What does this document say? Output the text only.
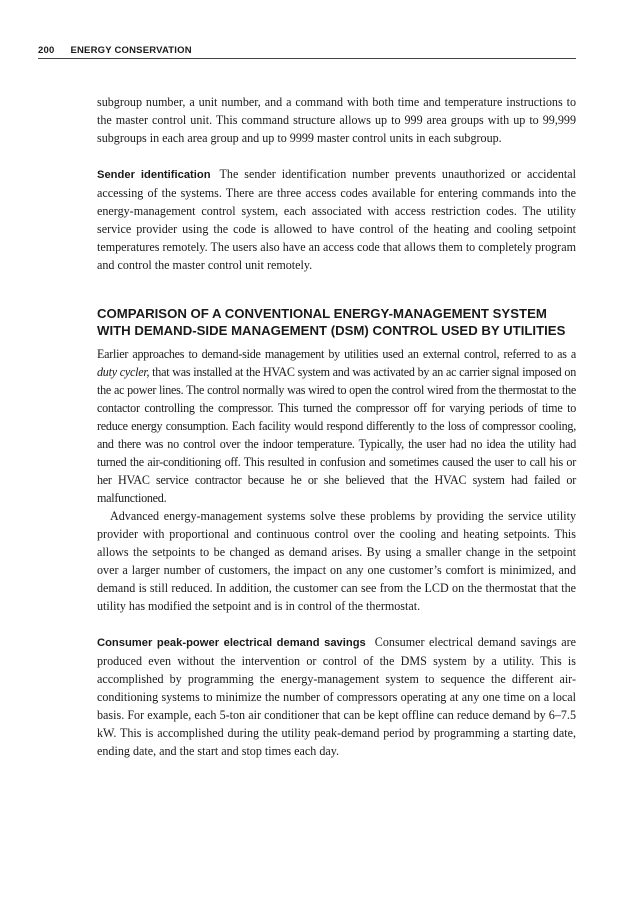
200 ENERGY CONSERVATION

subgroup number, a unit number, and a command with both time and temperature instructions to the master control unit. This command structure allows up to 999 area groups with up to 99,999 subgroups in each area group and up to 9999 master control units in each subgroup.

Sender identification The sender identification number prevents unauthorized or accidental accessing of the systems. There are three access codes available for entering commands into the energy-management control system, each associated with access restriction codes. The utility service provider using the code is allowed to have control of the heating and cooling setpoint temperatures remotely. The users also have an access code that allows them to completely program and control the master control unit remotely.

COMPARISON OF A CONVENTIONAL ENERGY-MANAGEMENT SYSTEM WITH DEMAND-SIDE MANAGEMENT (DSM) CONTROL USED BY UTILITIES

Earlier approaches to demand-side management by utilities used an external control, referred to as a duty cycler, that was installed at the HVAC system and was activated by an ac carrier signal imposed on the ac power lines. The control normally was wired to open the control wired from the thermostat to the contactor controlling the compressor. This turned the compressor off for varying periods of time to reduce energy consumption. Each facility would respond differently to the loss of compressor cooling, and there was no control over the indoor temperature. Typically, the user had no idea the utility had turned the air-conditioning off. This resulted in confusion and sometimes caused the user to call his or her HVAC service contractor because he or she believed that the HVAC system had failed or malfunctioned.

Advanced energy-management systems solve these problems by providing the service utility provider with proportional and continuous control over the cooling and heating setpoints. This allows the setpoints to be changed as demand arises. By using a smaller change in the setpoint over a larger number of customers, the impact on any one customer’s comfort is minimized, and demand is still reduced. In addition, the customer can see from the LCD on the thermostat that the utility has modified the setpoint and is in control of the thermostat.

Consumer peak-power electrical demand savings Consumer electrical demand savings are produced even without the intervention or control of the DMS system by a utility. This is accomplished by programming the energy-management system to sequence the different air-conditioning systems to minimize the number of compressors operating at any one time on a local basis. For example, each 5-ton air conditioner that can be kept offline can reduce demand by 6–7.5 kW. This is accomplished during the utility peak-demand period by programming a starting date, ending date, and the start and stop times each day.
